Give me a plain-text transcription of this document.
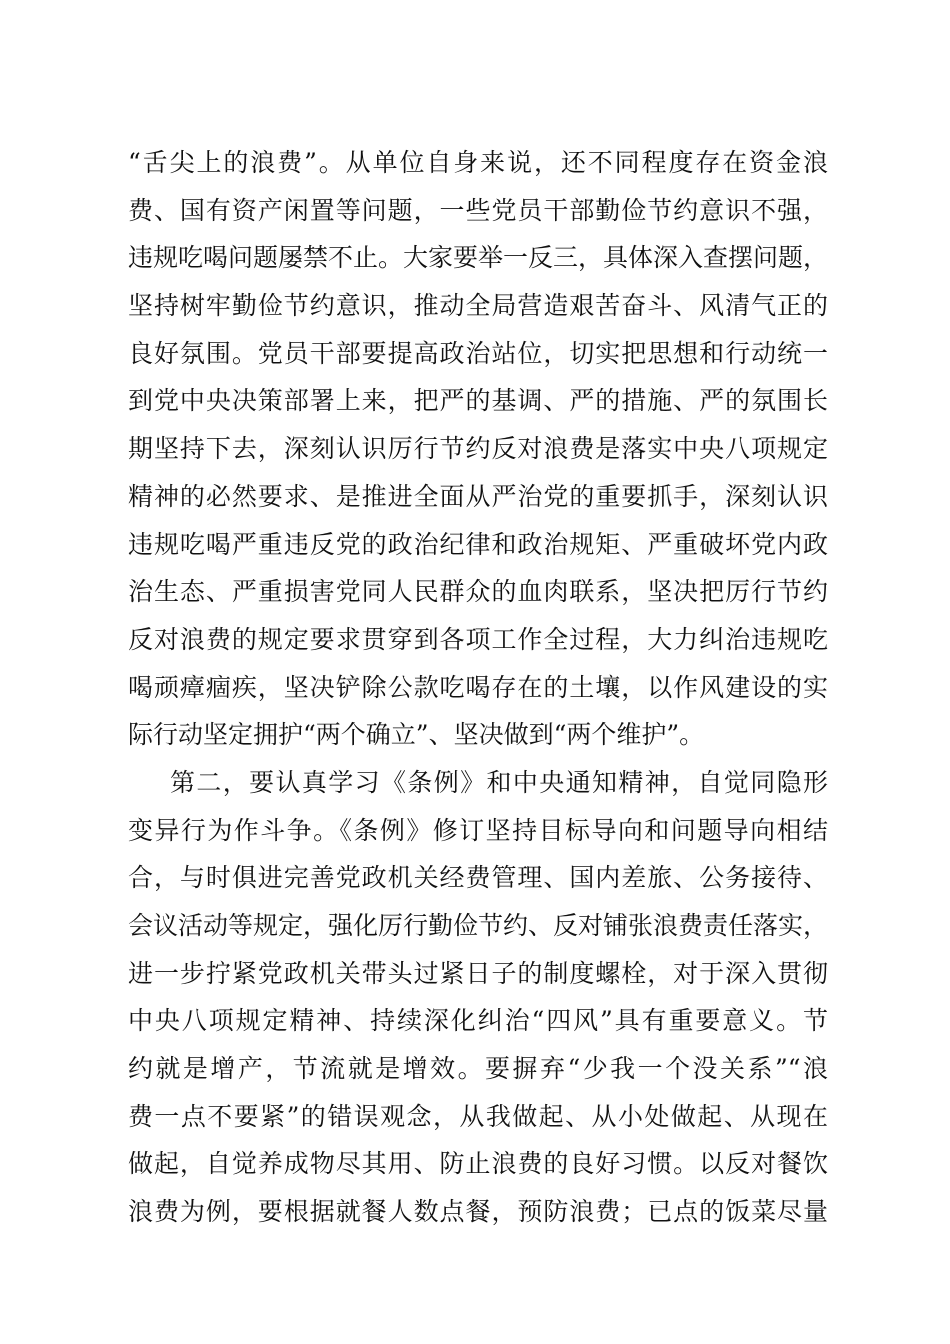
“舌尖上的浪费”。从单位自身来说，还不同程度存在资金浪
费、国有资产闲置等问题，一些党员干部勤俭节约意识不强，
违规吃喝问题屡禁不止。大家要举一反三，具体深入查摆问题，
坚持树牢勤俭节约意识，推动全局营造艰苦奋斗、风清气正的
良好氛围。党员干部要提高政治站位，切实把思想和行动统一
到党中央决策部署上来，把严的基调、严的措施、严的氛围长
期坚持下去，深刻认识厉行节约反对浪费是落实中央八项规定
精神的必然要求、是推进全面从严治党的重要抓手，深刻认识
违规吃喝严重违反党的政治纪律和政治规矩、严重破坏党内政
治生态、严重损害党同人民群众的血肉联系，坚决把厉行节约
反对浪费的规定要求贯穿到各项工作全过程，大力纠治违规吃
喝顽瘴痼疾，坚决铲除公款吃喝存在的土壤，以作风建设的实
际行动坚定拥护“两个确立”、坚决做到“两个维护”。
第二，要认真学习《条例》和中央通知精神，自觉同隐形
变异行为作斗争。《条例》修订坚持目标导向和问题导向相结
合，与时俱进完善党政机关经费管理、国内差旅、公务接待、
会议活动等规定，强化厉行勤俭节约、反对铺张浪费责任落实，
进一步拧紧党政机关带头过紧日子的制度螺栓，对于深入贯彻
中央八项规定精神、持续深化纠治“四风”具有重要意义。节
约就是增产，节流就是增效。要摒弃“少我一个没关系”“浪
费一点不要紧”的错误观念，从我做起、从小处做起、从现在
做起，自觉养成物尽其用、防止浪费的良好习惯。以反对餐饮
浪费为例，要根据就餐人数点餐，预防浪费；已点的饭菜尽量
